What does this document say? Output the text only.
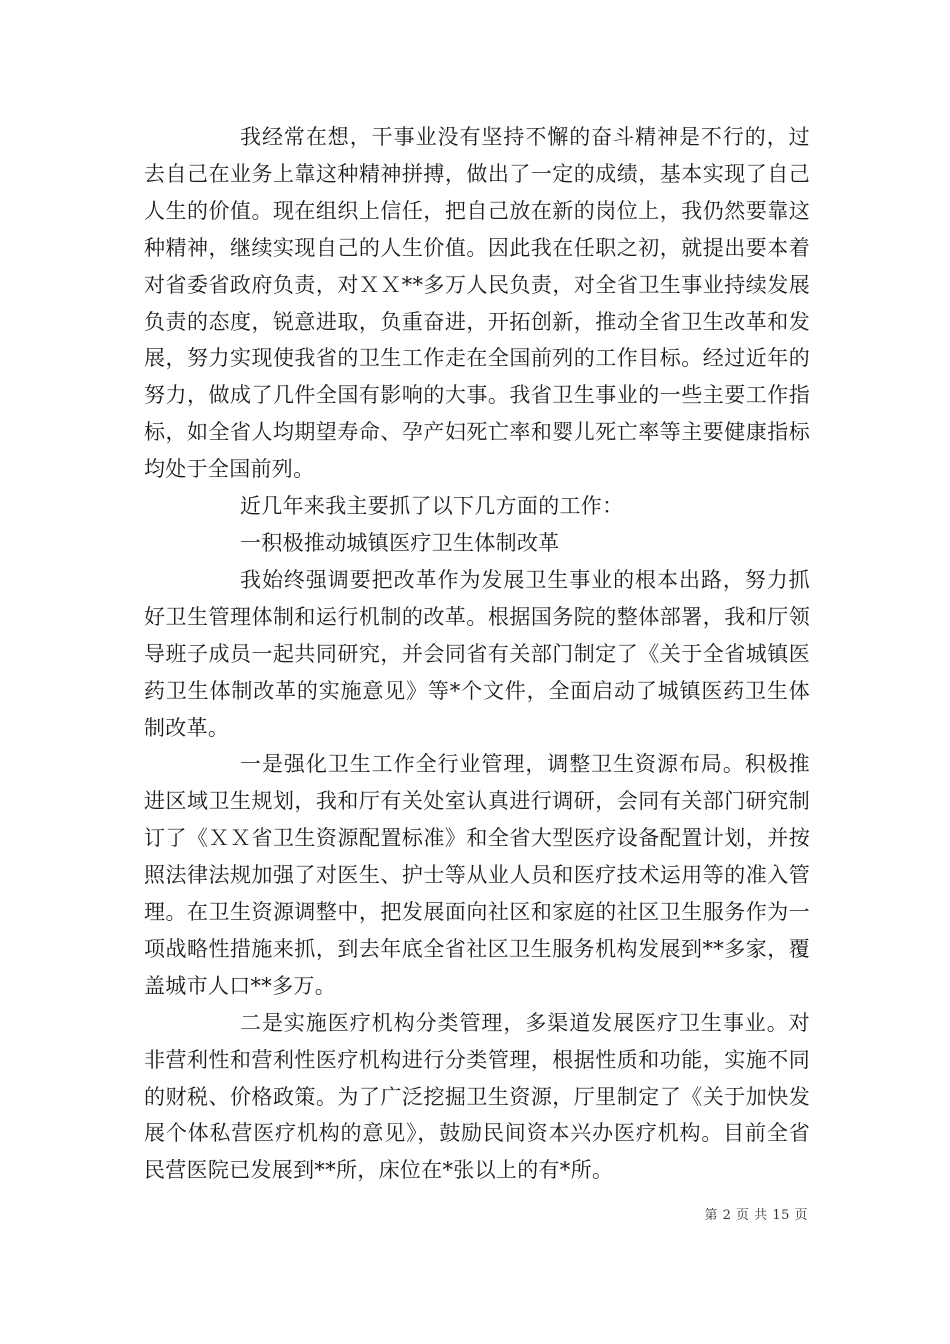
我经常在想，干事业没有坚持不懈的奋斗精神是不行的，过去自己在业务上靠这种精神拼搏，做出了一定的成绩，基本实现了自己人生的价值。现在组织上信任，把自己放在新的岗位上，我仍然要靠这种精神，继续实现自己的人生价值。因此我在任职之初，就提出要本着对省委省政府负责，对ＸＸ**多万人民负责，对全省卫生事业持续发展负责的态度，锐意进取，负重奋进，开拓创新，推动全省卫生改革和发展，努力实现使我省的卫生工作走在全国前列的工作目标。经过近年的努力，做成了几件全国有影响的大事。我省卫生事业的一些主要工作指标，如全省人均期望寿命、孕产妇死亡率和婴儿死亡率等主要健康指标均处于全国前列。

近几年来我主要抓了以下几方面的工作：

一积极推动城镇医疗卫生体制改革

我始终强调要把改革作为发展卫生事业的根本出路，努力抓好卫生管理体制和运行机制的改革。根据国务院的整体部署，我和厅领导班子成员一起共同研究，并会同省有关部门制定了《关于全省城镇医药卫生体制改革的实施意见》等*个文件，全面启动了城镇医药卫生体制改革。

一是强化卫生工作全行业管理，调整卫生资源布局。积极推进区域卫生规划，我和厅有关处室认真进行调研，会同有关部门研究制订了《ＸＸ省卫生资源配置标准》和全省大型医疗设备配置计划，并按照法律法规加强了对医生、护士等从业人员和医疗技术运用等的准入管理。在卫生资源调整中，把发展面向社区和家庭的社区卫生服务作为一项战略性措施来抓，到去年底全省社区卫生服务机构发展到**多家，覆盖城市人口**多万。

二是实施医疗机构分类管理，多渠道发展医疗卫生事业。对非营利性和营利性医疗机构进行分类管理，根据性质和功能，实施不同的财税、价格政策。为了广泛挖掘卫生资源，厅里制定了《关于加快发展个体私营医疗机构的意见》，鼓励民间资本兴办医疗机构。目前全省民营医院已发展到**所，床位在*张以上的有*所。

第 2 页 共 15 页
